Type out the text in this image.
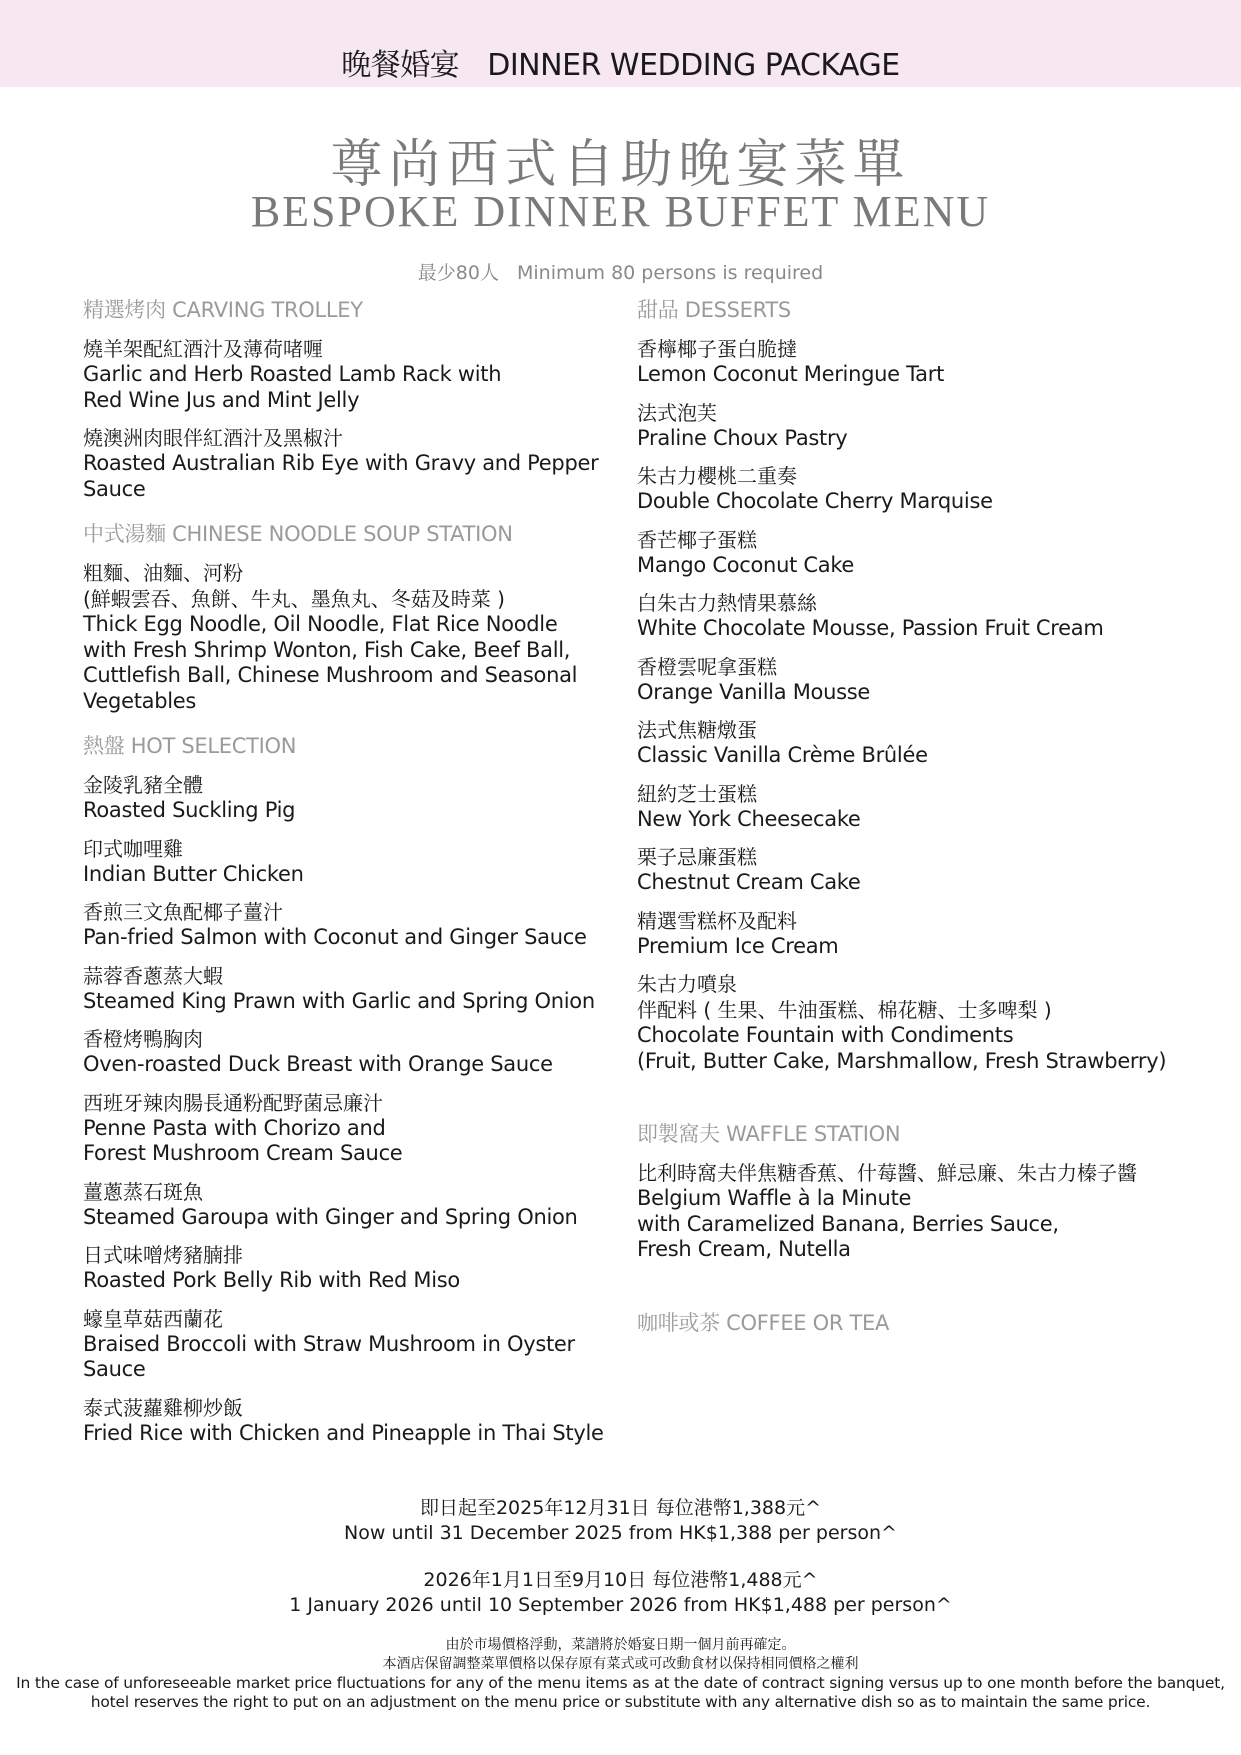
晚餐婚宴 DINNER WEDDING PACKAGE
尊尚西式自助晚宴菜單
BESPOKE DINNER BUFFET MENU
最少80人 Minimum 80 persons is required
精選烤肉 CARVING TROLLEY
燒羊架配紅酒汁及薄荷啫喱
Garlic and Herb Roasted Lamb Rack with
Red Wine Jus and Mint Jelly
燒澳洲肉眼伴紅酒汁及黑椒汁
Roasted Australian Rib Eye with Gravy and Pepper
Sauce
中式湯麵 CHINESE NOODLE SOUP STATION
粗麵、油麵、河粉
(鮮蝦雲吞、魚餅、牛丸、墨魚丸、冬菇及時菜 )
Thick Egg Noodle, Oil Noodle, Flat Rice Noodle
with Fresh Shrimp Wonton, Fish Cake, Beef Ball,
Cuttlefish Ball, Chinese Mushroom and Seasonal
Vegetables
熱盤 HOT SELECTION
金陵乳豬全體
Roasted Suckling Pig
印式咖哩雞
Indian Butter Chicken
香煎三文魚配椰子薑汁
Pan-fried Salmon with Coconut and Ginger Sauce
蒜蓉香蔥蒸大蝦
Steamed King Prawn with Garlic and Spring Onion
香橙烤鴨胸肉
Oven-roasted Duck Breast with Orange Sauce
西班牙辣肉腸長通粉配野菌忌廉汁
Penne Pasta with Chorizo and
Forest Mushroom Cream Sauce
薑蔥蒸石斑魚
Steamed Garoupa with Ginger and Spring Onion
日式味噌烤豬腩排
Roasted Pork Belly Rib with Red Miso
蠔皇草菇西蘭花
Braised Broccoli with Straw Mushroom in Oyster
Sauce
泰式菠蘿雞柳炒飯
Fried Rice with Chicken and Pineapple in Thai Style
甜品 DESSERTS
香檸椰子蛋白脆撻
Lemon Coconut Meringue Tart
法式泡芙
Praline Choux Pastry
朱古力櫻桃二重奏
Double Chocolate Cherry Marquise
香芒椰子蛋糕
Mango Coconut Cake
白朱古力熱情果慕絲
White Chocolate Mousse, Passion Fruit Cream
香橙雲呢拿蛋糕
Orange Vanilla Mousse
法式焦糖燉蛋
Classic Vanilla Crème Brûlée
紐約芝士蛋糕
New York Cheesecake
栗子忌廉蛋糕
Chestnut Cream Cake
精選雪糕杯及配料
Premium Ice Cream
朱古力噴泉
伴配料 ( 生果、牛油蛋糕、棉花糖、士多啤梨 )
Chocolate Fountain with Condiments
(Fruit, Butter Cake, Marshmallow, Fresh Strawberry)
即製窩夫 WAFFLE STATION
比利時窩夫伴焦糖香蕉、什莓醬、鮮忌廉、朱古力榛子醬
Belgium Waffle à la Minute
with Caramelized Banana, Berries Sauce,
Fresh Cream, Nutella
咖啡或茶 COFFEE OR TEA
即日起至2025年12月31日 每位港幣1,388元^
Now until 31 December 2025 from HK$1,388 per person^
2026年1月1日至9月10日 每位港幣1,488元^
1 January 2026 until 10 September 2026 from HK$1,488 per person^
由於市場價格浮動，菜譜將於婚宴日期一個月前再確定。
本酒店保留調整菜單價格以保存原有菜式或可改動食材以保持相同價格之權利
In the case of unforeseeable market price fluctuations for any of the menu items as at the date of contract signing versus up to one month before the banquet,
hotel reserves the right to put on an adjustment on the menu price or substitute with any alternative dish so as to maintain the same price.
